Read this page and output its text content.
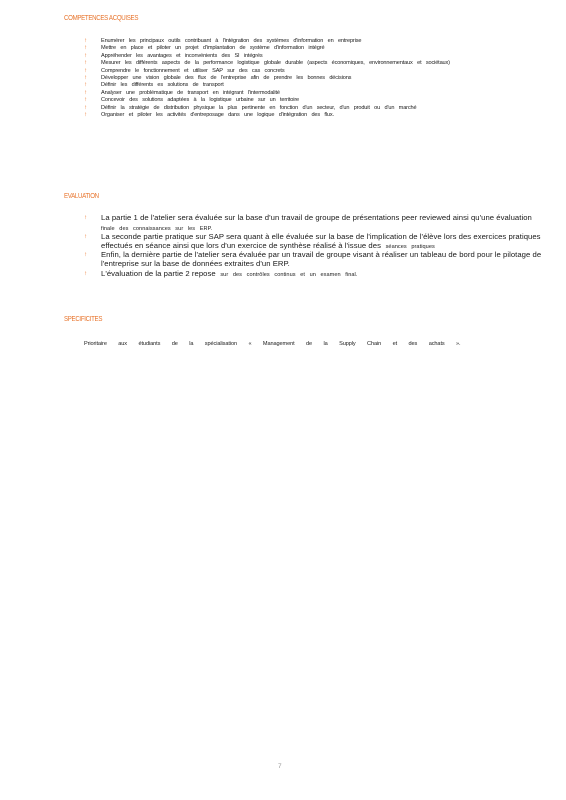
COMPETENCES ACQUISES
↑	Enumérer les principaux outils contribuant à l'intégration des systèmes d'information en entreprise
↑	Mettre en place et piloter un projet d'implantation de système d'information intégré
↑	Appréhender les avantages et inconvénients des SI intégrés
↑	Mesurer les différents aspects de la performance logistique globale durable (aspects économiques, environnementaux et sociétaux)
↑	Comprendre le fonctionnement et utiliser SAP sur des cas concrets
↑	Développer une vision globale des flux de l'entreprise afin de prendre les bonnes décisions
↑	Définir les différents es solutions de transport
↑	Analyser une problématique de transport en intégrant l'intermodalité
↑	Concevoir des solutions adaptées à la logistique urbaine sur un territoire
↑	Définir la stratégie de distribution physique la plus pertinente en fonction d'un secteur, d'un produit ou d'un marché
↑	Organiser et piloter les activités d'entreposage dans une logique d'intégration des flux.
EVALUATION
↑ La partie 1 de l'atelier sera évaluée sur la base d'un travail de groupe de présentations peer reviewed ainsi qu'une évaluation finale des connaissances sur les ERP.
↑ La seconde partie pratique sur SAP sera quant à elle évaluée sur la base de l'implication de l'élève lors des exercices pratiques effectués en séance ainsi que lors d'un exercice de synthèse réalisé à l'issue des séances pratiques
↑ Enfin, la dernière partie de l'atelier sera évaluée par un travail de groupe visant à réaliser un tableau de bord pour le pilotage de l'entreprise sur la base de données extraites d'un ERP.
↑ L'évaluation de la partie 2 repose sur des contrôles continus et un examen final.
SPECIFICITES
Prioritaire aux étudiants de la spécialisation « Management de la Supply Chain et des achats ».
7
